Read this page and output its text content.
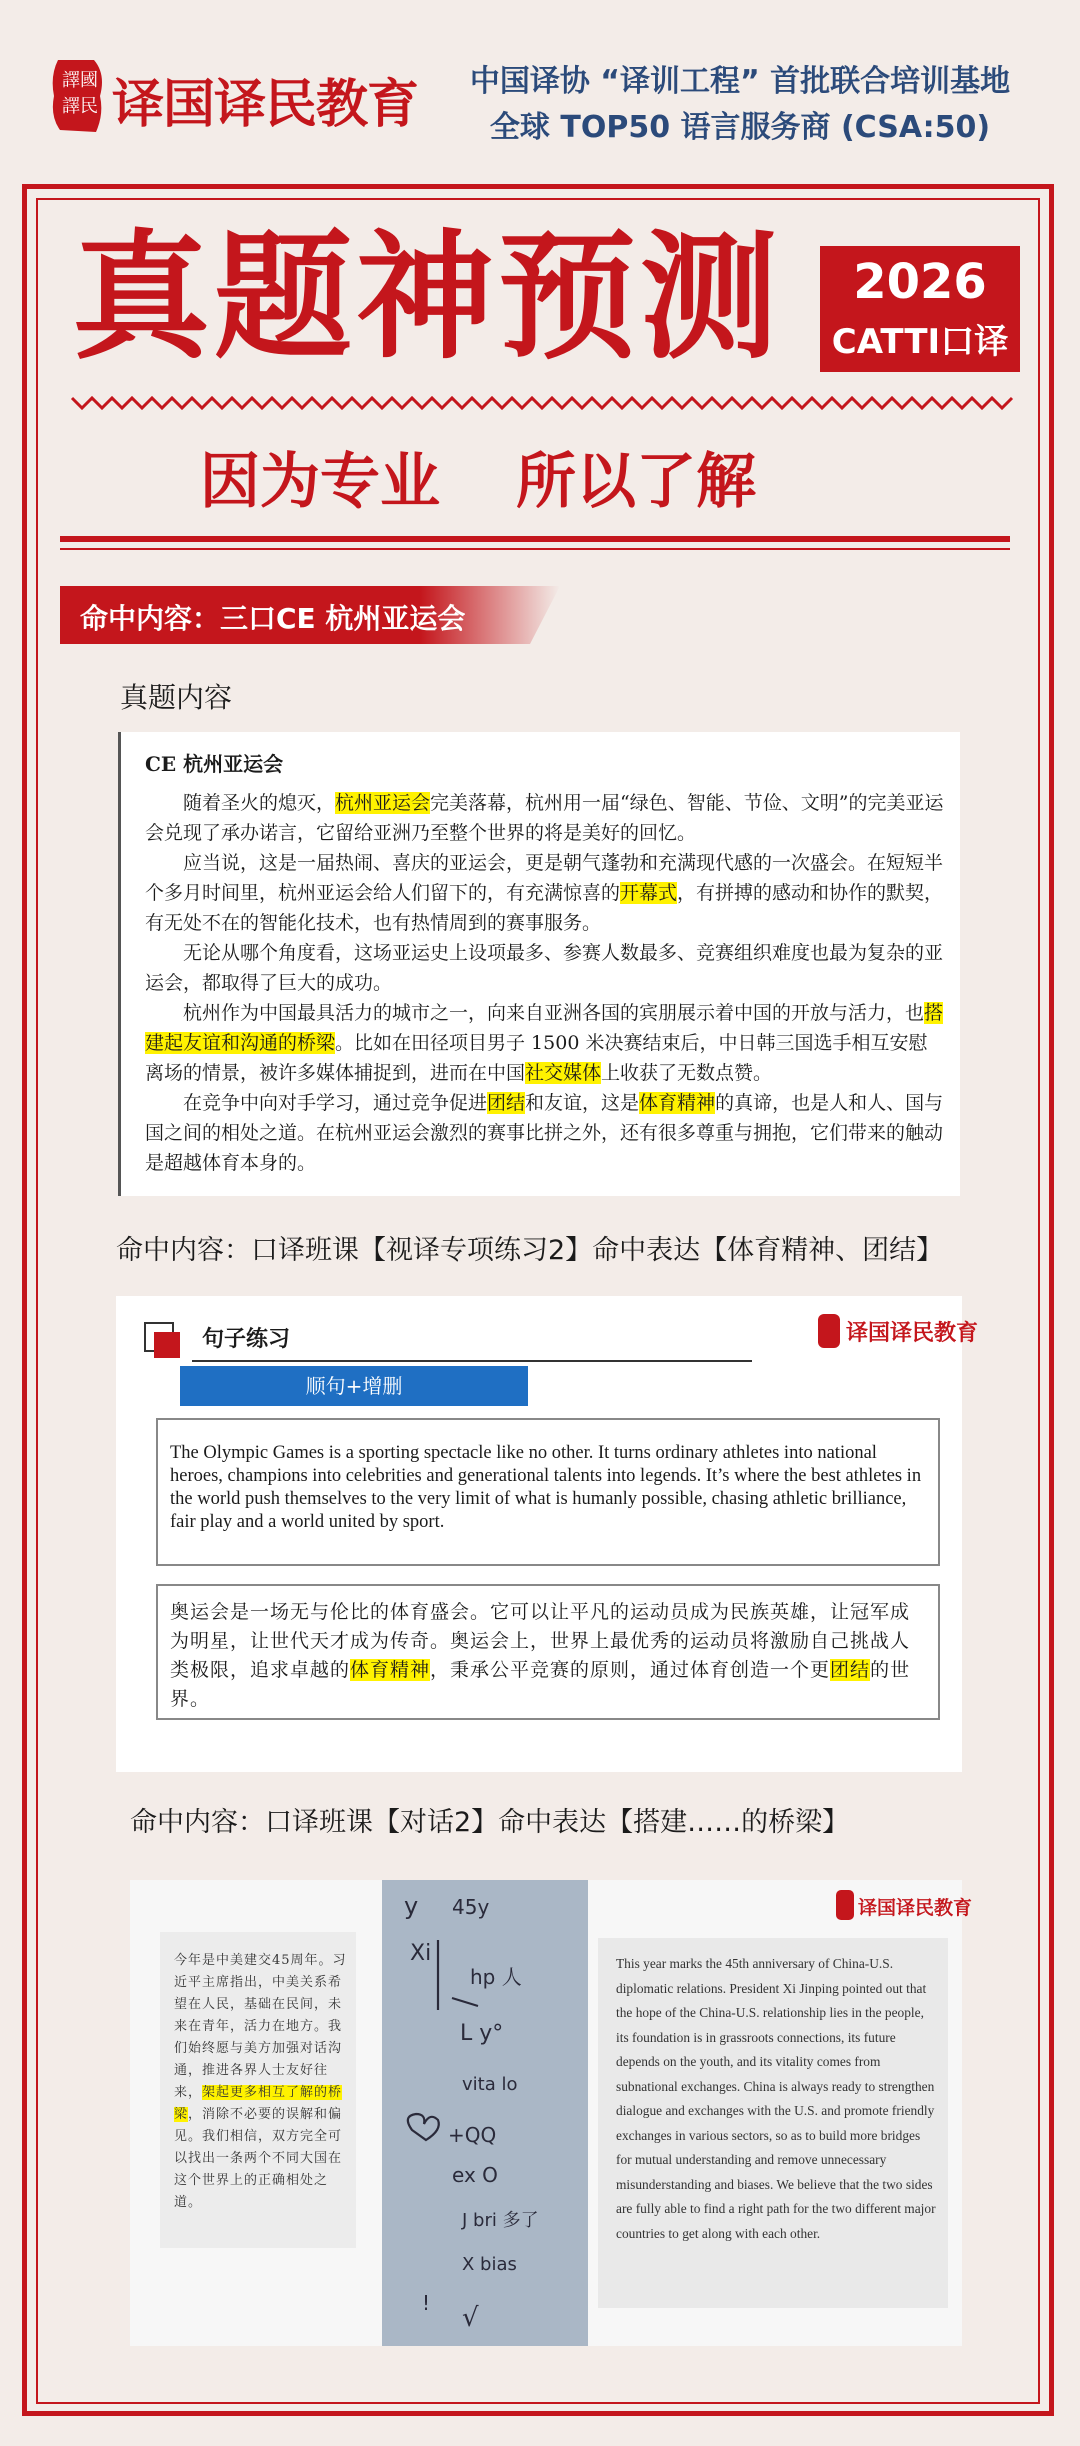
譯 國
譯 民 译国译民教育	中国译协 “译训工程” 首批联合培训基地
全球 TOP50 语言服务商 (CSA:50)
真题神预测	2026
CATTI口译
因为专业 所以了解
命中内容：三口CE 杭州亚运会
真题内容
CE 杭州亚运会

随着圣火的熄灭，杭州亚运会完美落幕，杭州用一届“绿色、智能、节俭、文明”的完美亚运会兑现了承办诺言，它留给亚洲乃至整个世界的将是美好的回忆。

应当说，这是一届热闹、喜庆的亚运会，更是朝气蓬勃和充满现代感的一次盛会。在短短半个多月时间里，杭州亚运会给人们留下的，有充满惊喜的开幕式，有拼搏的感动和协作的默契，有无处不在的智能化技术，也有热情周到的赛事服务。

无论从哪个角度看，这场亚运史上设项最多、参赛人数最多、竞赛组织难度也最为复杂的亚运会，都取得了巨大的成功。

杭州作为中国最具活力的城市之一，向来自亚洲各国的宾朋展示着中国的开放与活力，也搭建起友谊和沟通的桥梁。比如在田径项目男子 1500 米决赛结束后，中日韩三国选手相互安慰离场的情景，被许多媒体捕捉到，进而在中国社交媒体上收获了无数点赞。

在竞争中向对手学习，通过竞争促进团结和友谊，这是体育精神的真谛，也是人和人、国与国之间的相处之道。在杭州亚运会激烈的赛事比拼之外，还有很多尊重与拥抱，它们带来的触动是超越体育本身的。

命中内容：口译班课【视译专项练习2】命中表达【体育精神、团结】
句子练习	译国译民教育
顺句+增删
The Olympic Games is a sporting spectacle like no other. It turns ordinary athletes into national heroes, champions into celebrities and generational talents into legends. It’s where the best athletes in the world push themselves to the very limit of what is humanly possible, chasing athletic brilliance, fair play and a world united by sport.
奥运会是一场无与伦比的体育盛会。它可以让平凡的运动员成为民族英雄，让冠军成为明星，让世代天才成为传奇。奥运会上，世界上最优秀的运动员将激励自己挑战人类极限，追求卓越的体育精神，秉承公平竞赛的原则，通过体育创造一个更团结的世界。
命中内容：口译班课【对话2】命中表达【搭建……的桥梁】
今年是中美建交45周年。习近平主席指出，中美关系希望在人民，基础在民间，未来在青年，活力在地方。我们始终愿与美方加强对话沟通，推进各界人士友好往来，架起更多相互了解的桥梁，消除不必要的误解和偏见。我们相信，双方完全可以找出一条两个不同大国在这个世界上的正确相处之道。
y 45y
Xi
hp 人
L y°
vita lo
+QQ
ex O
J bri 多了
X bias
! √
This year marks the 45th anniversary of China-U.S. diplomatic relations. President Xi Jinping pointed out that the hope of the China-U.S. relationship lies in the people, its foundation is in grassroots connections, its future depends on the youth, and its vitality comes from subnational exchanges. China is always ready to strengthen dialogue and exchanges with the U.S. and promote friendly exchanges in various sectors, so as to build more bridges for mutual understanding and remove unnecessary misunderstanding and biases. We believe that the two sides are fully able to find a right path for the two different major countries to get along with each other.
译国译民教育
